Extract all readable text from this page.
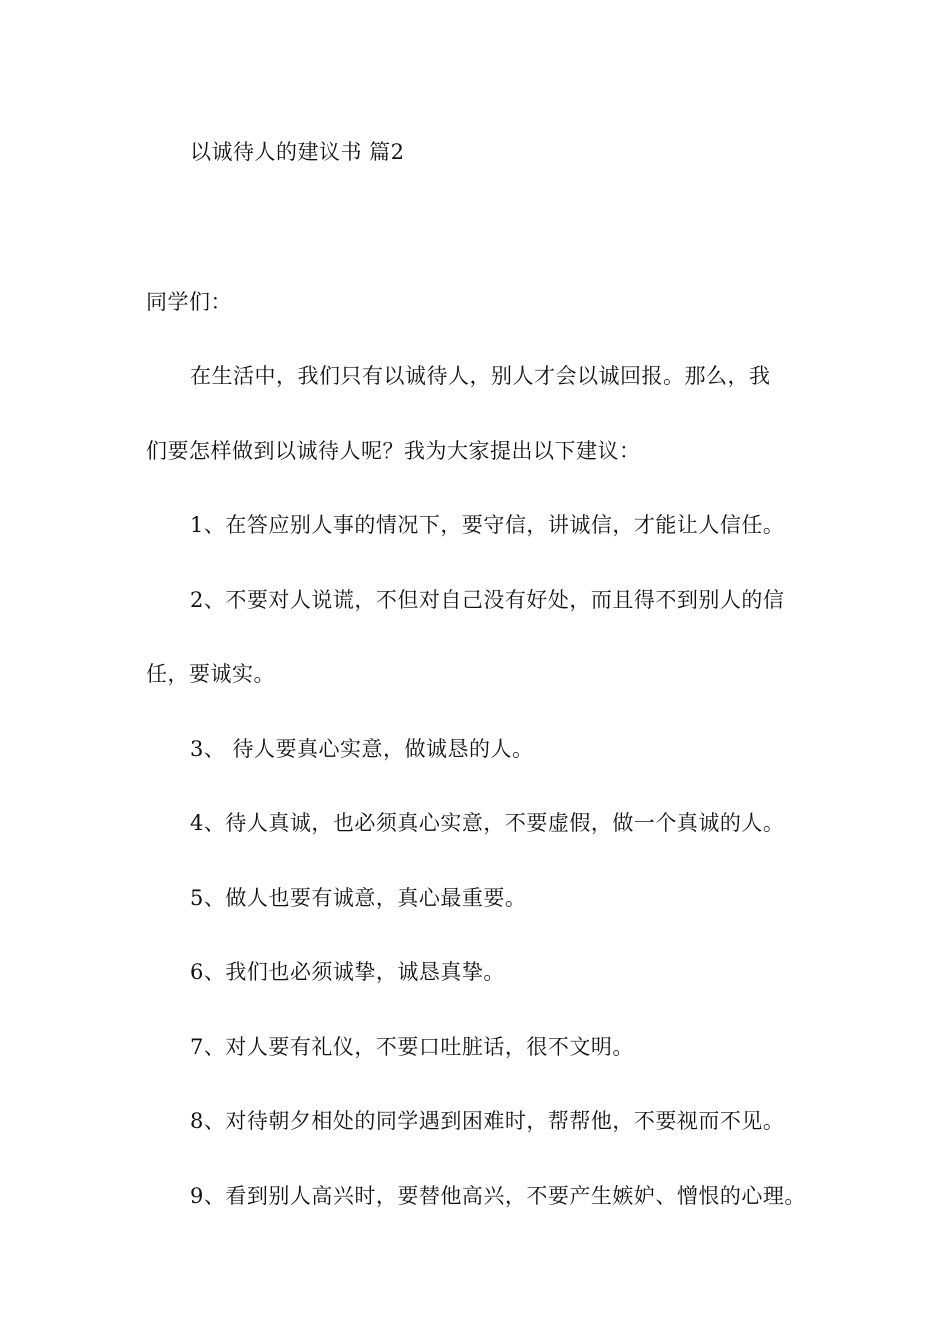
以诚待人的建议书 篇2
同学们：
在生活中，我们只有以诚待人，别人才会以诚回报。那么，我
们要怎样做到以诚待人呢？我为大家提出以下建议：
1、在答应别人事的情况下，要守信，讲诚信，才能让人信任。
2、不要对人说谎，不但对自己没有好处，而且得不到别人的信
任，要诚实。
3、 待人要真心实意，做诚恳的人。
4、待人真诚，也必须真心实意，不要虚假，做一个真诚的人。
5、做人也要有诚意，真心最重要。
6、我们也必须诚挚，诚恳真挚。
7、对人要有礼仪，不要口吐脏话，很不文明。
8、对待朝夕相处的同学遇到困难时，帮帮他，不要视而不见。
9、看到别人高兴时，要替他高兴，不要产生嫉妒、憎恨的心理。
